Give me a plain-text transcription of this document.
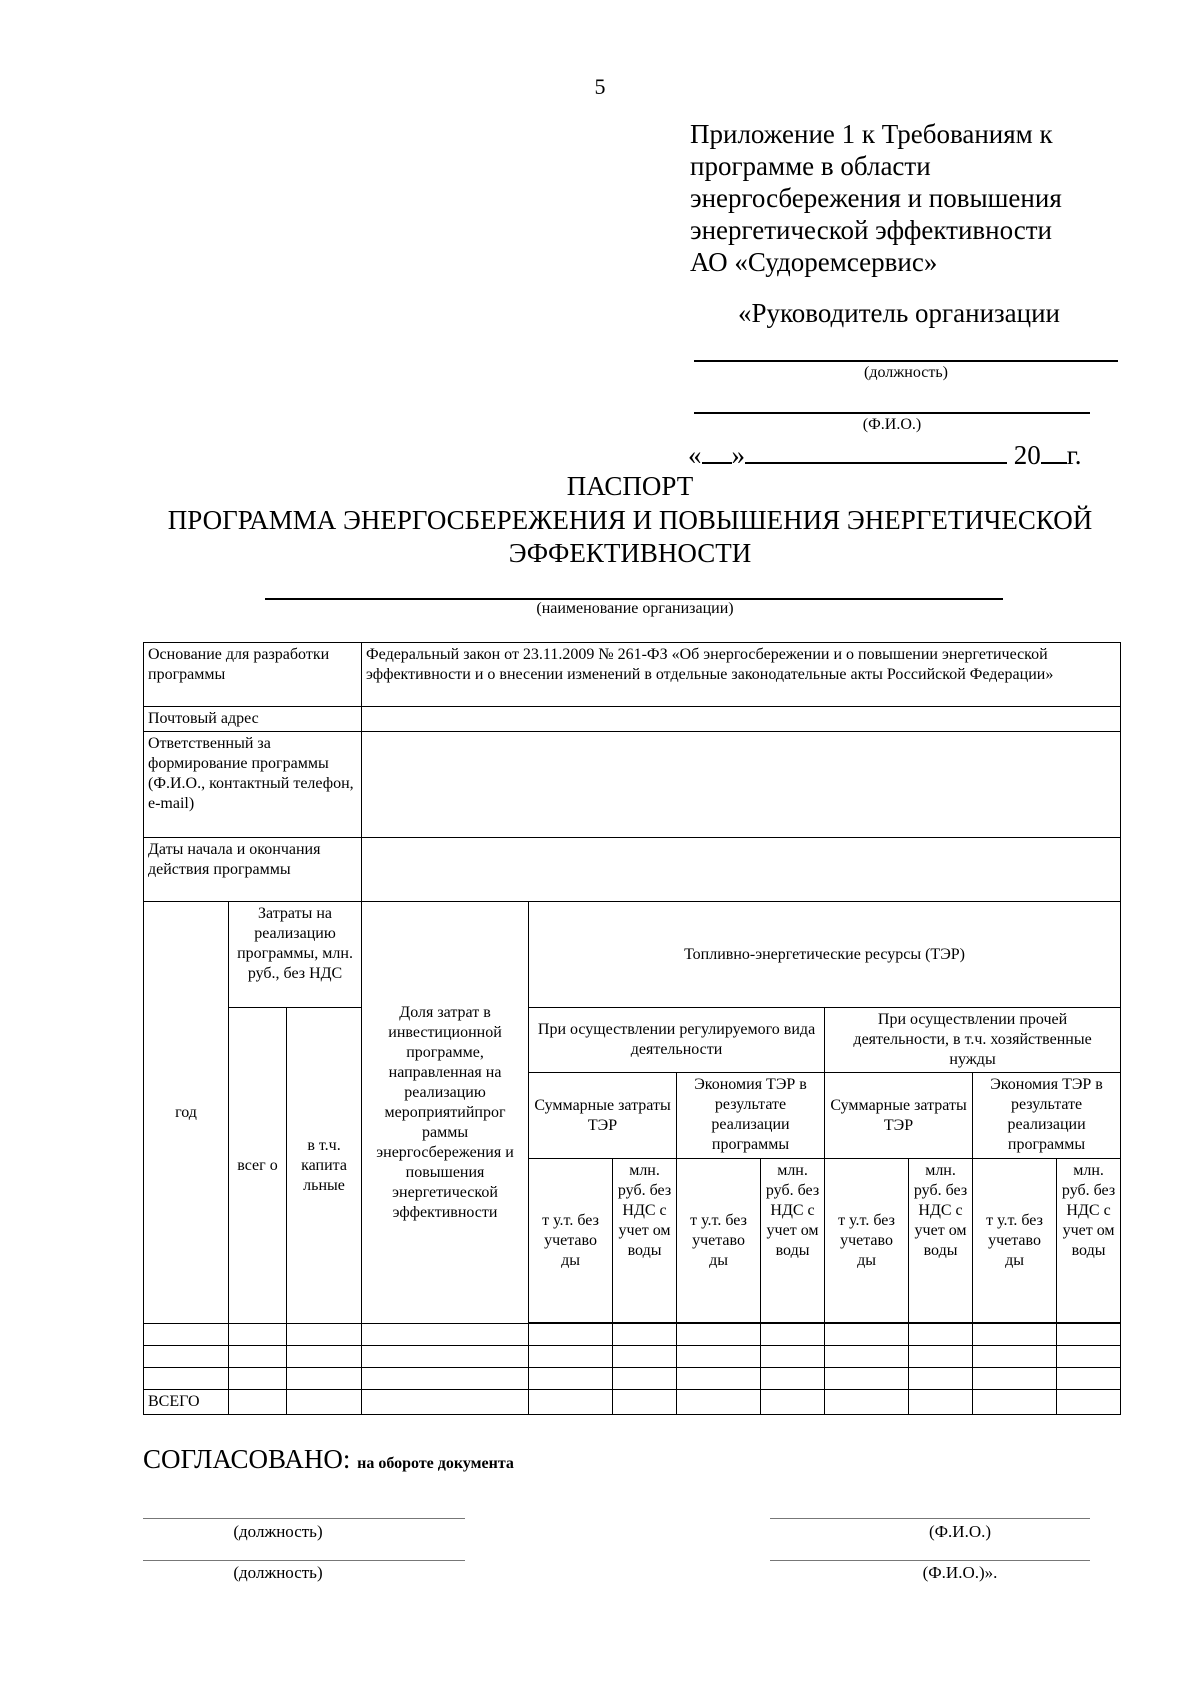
5
Приложение 1 к Требованиям к
программе в области
энергосбережения и повышения
энергетической эффективности
АО «Судоремсервис»
«Руководитель организации
(должность)
(Ф.И.О.)
« »	20 г.
ПАСПОРТ
ПРОГРАММА ЭНЕРГОСБЕРЕЖЕНИЯ И ПОВЫШЕНИЯ ЭНЕРГЕТИЧЕСКОЙ
ЭФФЕКТИВНОСТИ
(наименование организации)
Основание для разработки программы			Федеральный закон от 23.11.2009 № 261-ФЗ «Об энергосбережении и о повышении энергетической эффективности и о внесении изменений в отдельные законодательные акты Российской Федерации»								
Почтовый адрес											
Ответственный за формирование программы (Ф.И.О., контактный телефон, e-mail)											
Даты начала и окончания действия программы											
год	Затраты на реализацию программы, млн. руб., без НДС		Доля затрат в инвестиционной программе, направленная на реализацию мероприятийпрог раммы энергосбережения и повышения энергетической эффективности	Топливно-энергетические ресурсы (ТЭР)							
	всег о	в т.ч. капита льные		При осуществлении регулируемого вида деятельности				При осуществлении прочей деятельности, в т.ч. хозяйственные нужды			
				Суммарные затраты ТЭР		Экономия ТЭР в результате реализации программы		Суммарные затраты ТЭР		Экономия ТЭР в результате реализации программы	
				т у.т. без учетаво ды	млн. руб. без НДС с учет ом воды	т у.т. без учетаво ды	млн. руб. без НДС с учет ом воды	т у.т. без учетаво ды	млн. руб. без НДС с учет ом воды	т у.т. без учетаво ды	млн. руб. без НДС с учет ом воды

ВСЕГО											
СОГЛАСОВАНО: на обороте документа
(должность)	(Ф.И.О.)
(должность)	(Ф.И.О.)».
